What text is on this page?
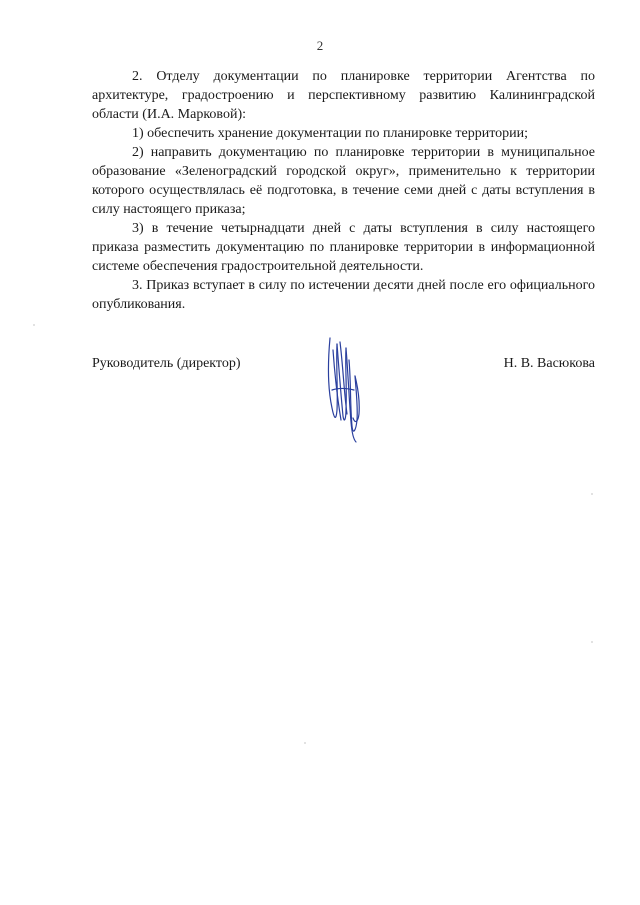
2

2. Отделу документации по планировке территории Агентства по архитектуре, градостроению и перспективному развитию Калининградской области (И.А. Марковой):

1) обеспечить хранение документации по планировке территории;

2) направить документацию по планировке территории в муниципальное образование «Зеленоградский городской округ», применительно к территории которого осуществлялась её подготовка, в течение семи дней с даты вступления в силу настоящего приказа;

3) в течение четырнадцати дней с даты вступления в силу настоящего приказа разместить документацию по планировке территории в информационной системе обеспечения градостроительной деятельности.

3. Приказ вступает в силу по истечении десяти дней после его официального опубликования.

Руководитель (директор)	Н. В. Васюкова
